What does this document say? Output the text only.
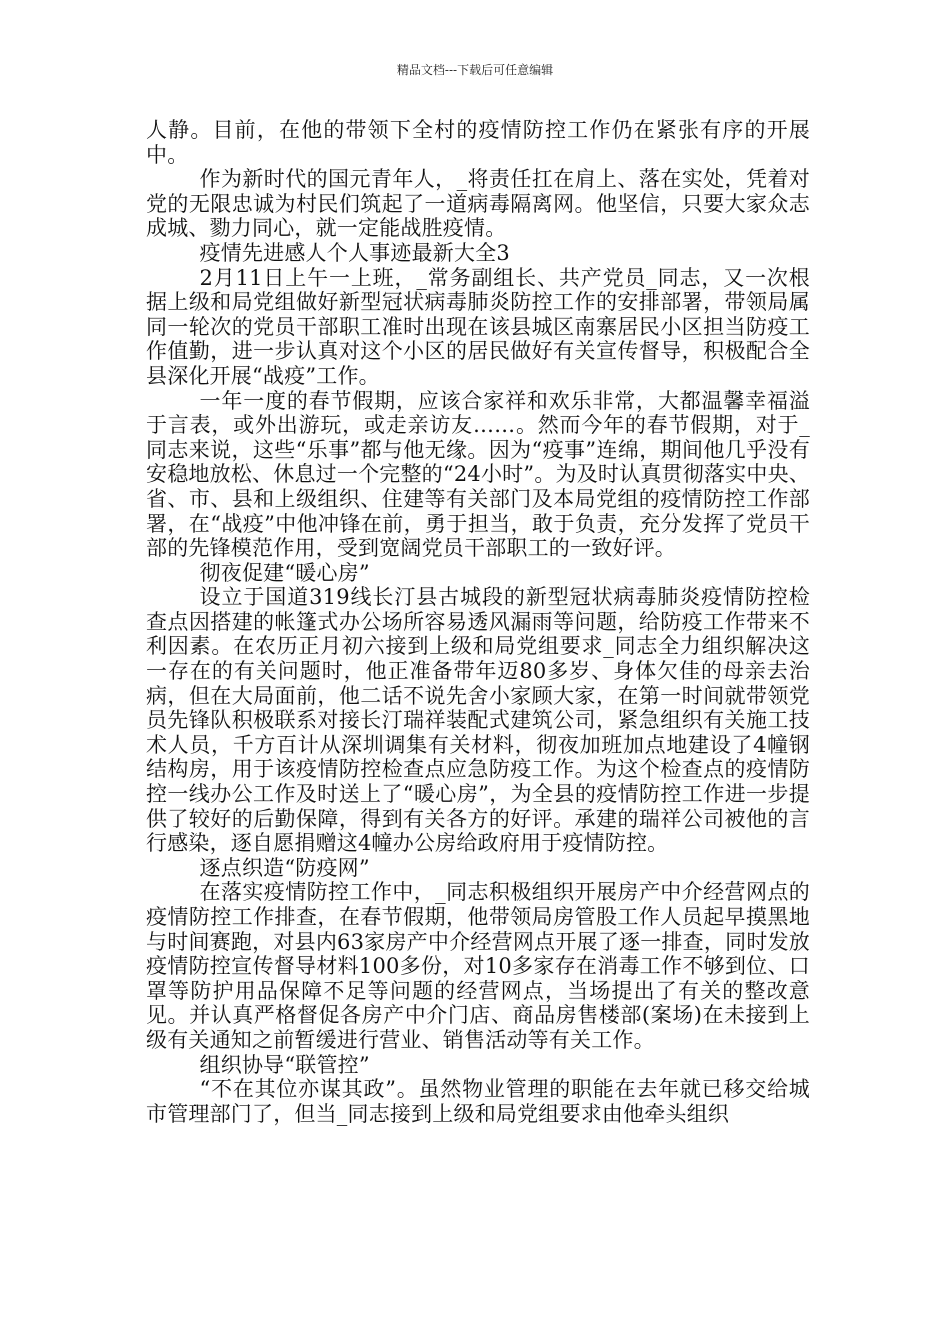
精品文档---下载后可任意编辑

人静。目前，在他的带领下全村的疫情防控工作仍在紧张有序的开展中。

作为新时代的国元青年人，_将责任扛在肩上、落在实处，凭着对党的无限忠诚为村民们筑起了一道病毒隔离网。他坚信，只要大家众志成城、勠力同心，就一定能战胜疫情。

疫情先进感人个人事迹最新大全3

2月11日上午一上班，_常务副组长、共产党员_同志，又一次根据上级和局党组做好新型冠状病毒肺炎防控工作的安排部署，带领局属同一轮次的党员干部职工准时出现在该县城区南寨居民小区担当防疫工作值勤，进一步认真对这个小区的居民做好有关宣传督导，积极配合全县深化开展“战疫”工作。

一年一度的春节假期，应该合家祥和欢乐非常，大都温馨幸福溢于言表，或外出游玩，或走亲访友……。然而今年的春节假期，对于_同志来说，这些“乐事”都与他无缘。因为“疫事”连绵，期间他几乎没有安稳地放松、休息过一个完整的“24小时”。为及时认真贯彻落实中央、省、市、县和上级组织、住建等有关部门及本局党组的疫情防控工作部署，在“战疫”中他冲锋在前，勇于担当，敢于负责，充分发挥了党员干部的先锋模范作用，受到宽阔党员干部职工的一致好评。

彻夜促建“暖心房”

设立于国道319线长汀县古城段的新型冠状病毒肺炎疫情防控检查点因搭建的帐篷式办公场所容易透风漏雨等问题，给防疫工作带来不利因素。在农历正月初六接到上级和局党组要求_同志全力组织解决这一存在的有关问题时，他正准备带年迈80多岁、身体欠佳的母亲去治病，但在大局面前，他二话不说先舍小家顾大家，在第一时间就带领党员先锋队积极联系对接长汀瑞祥装配式建筑公司，紧急组织有关施工技术人员，千方百计从深圳调集有关材料，彻夜加班加点地建设了4幢钢结构房，用于该疫情防控检查点应急防疫工作。为这个检查点的疫情防控一线办公工作及时送上了“暖心房”，为全县的疫情防控工作进一步提供了较好的后勤保障，得到有关各方的好评。承建的瑞祥公司被他的言行感染，逐自愿捐赠这4幢办公房给政府用于疫情防控。

逐点织造“防疫网”

在落实疫情防控工作中，_同志积极组织开展房产中介经营网点的疫情防控工作排查，在春节假期，他带领局房管股工作人员起早摸黑地与时间赛跑，对县内63家房产中介经营网点开展了逐一排查，同时发放疫情防控宣传督导材料100多份，对10多家存在消毒工作不够到位、口罩等防护用品保障不足等问题的经营网点，当场提出了有关的整改意见。并认真严格督促各房产中介门店、商品房售楼部(案场)在未接到上级有关通知之前暂缓进行营业、销售活动等有关工作。

组织协导“联管控”

“不在其位亦谋其政”。虽然物业管理的职能在去年就已移交给城市管理部门了，但当_同志接到上级和局党组要求由他牵头组织
